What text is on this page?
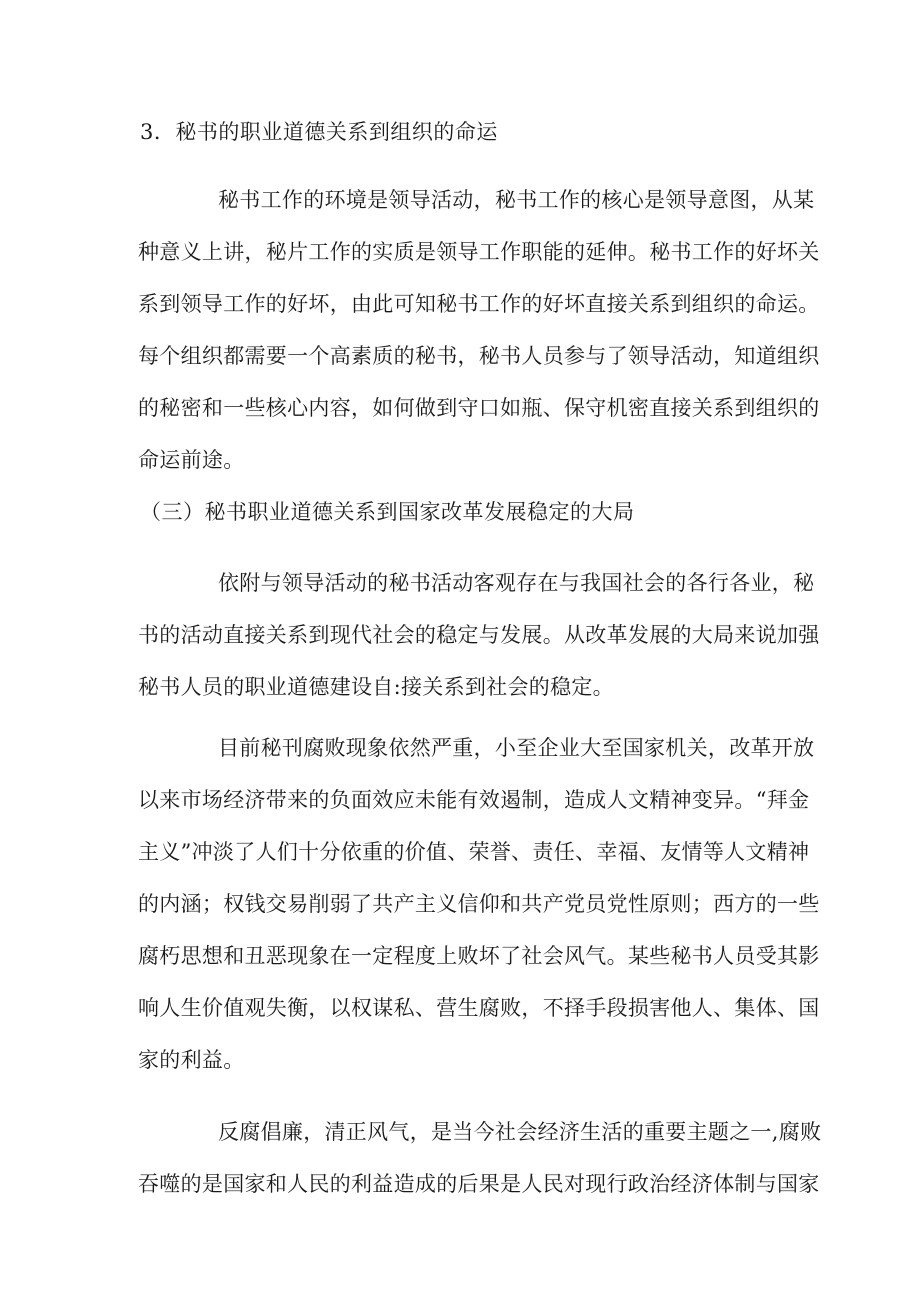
3．秘书的职业道德关系到组织的命运
秘书工作的环境是领导活动，秘书工作的核心是领导意图，从某
种意义上讲，秘片工作的实质是领导工作职能的延伸。秘书工作的好坏关
系到领导工作的好坏，由此可知秘书工作的好坏直接关系到组织的命运。
每个组织都需要一个高素质的秘书，秘书人员参与了领导活动，知道组织
的秘密和一些核心内容，如何做到守口如瓶、保守机密直接关系到组织的
命运前途。
（三）秘书职业道德关系到国家改革发展稳定的大局
依附与领导活动的秘书活动客观存在与我国社会的各行各业，秘
书的活动直接关系到现代社会的稳定与发展。从改革发展的大局来说加强
秘书人员的职业道德建设自:接关系到社会的稳定。
目前秘刊腐败现象依然严重，小至企业大至国家机关，改革开放
以来市场经济带来的负面效应未能有效遏制，造成人文精神变异。“拜金
主义”冲淡了人们十分依重的价值、荣誉、责任、幸福、友情等人文精神
的内涵；权钱交易削弱了共产主义信仰和共产党员党性原则；西方的一些
腐朽思想和丑恶现象在一定程度上败坏了社会风气。某些秘书人员受其影
响人生价值观失衡，以权谋私、营生腐败，不择手段损害他人、集体、国
家的利益。
反腐倡廉，清正风气，是当今社会经济生活的重要主题之一,腐败
吞噬的是国家和人民的利益造成的后果是人民对现行政治经济体制与国家
